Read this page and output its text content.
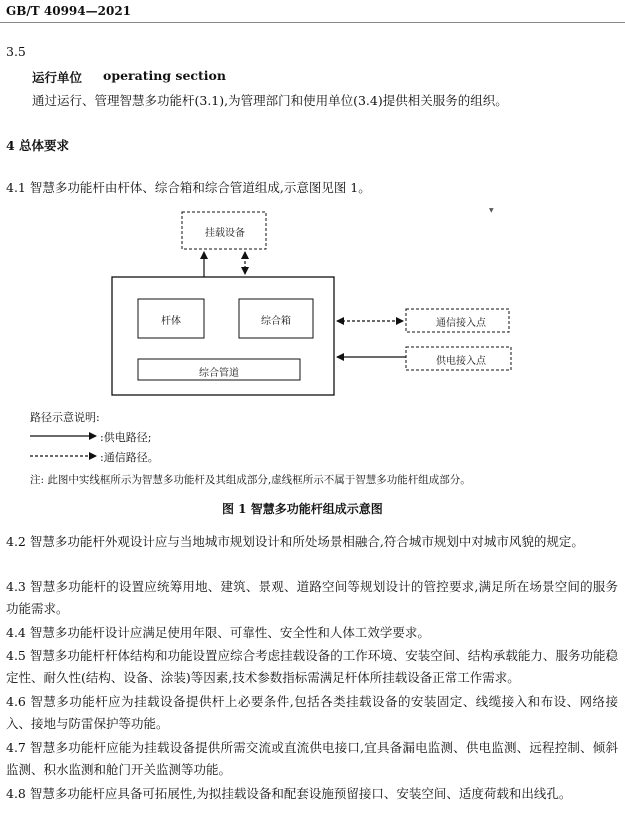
GB/T 40994—2021
3.5
运行单位 operating section
通过运行、管理智慧多功能杆(3.1),为管理部门和使用单位(3.4)提供相关服务的组织。
4 总体要求
4.1 智慧多功能杆由杆体、综合箱和综合管道组成,示意图见图 1。
▼
挂载设备
杆体	综合箱
综合管道
通信接入点
供电接入点
路径示意说明:
:供电路径;
:通信路径。
注: 此图中实线框所示为智慧多功能杆及其组成部分,虚线框所示不属于智慧多功能杆组成部分。
图 1 智慧多功能杆组成示意图
4.2 智慧多功能杆外观设计应与当地城市规划设计和所处场景相融合,符合城市规划中对城市风貌的规定。
4.3 智慧多功能杆的设置应统筹用地、建筑、景观、道路空间等规划设计的管控要求,满足所在场景空间的服务功能需求。
4.4 智慧多功能杆设计应满足使用年限、可靠性、安全性和人体工效学要求。
4.5 智慧多功能杆杆体结构和功能设置应综合考虑挂载设备的工作环境、安装空间、结构承载能力、服务功能稳定性、耐久性(结构、设备、涂装)等因素,技术参数指标需满足杆体所挂载设备正常工作需求。
4.6 智慧多功能杆应为挂载设备提供杆上必要条件,包括各类挂载设备的安装固定、线缆接入和布设、网络接入、接地与防雷保护等功能。
4.7 智慧多功能杆应能为挂载设备提供所需交流或直流供电接口,宜具备漏电监测、供电监测、远程控制、倾斜监测、积水监测和舱门开关监测等功能。
4.8 智慧多功能杆应具备可拓展性,为拟挂载设备和配套设施预留接口、安装空间、适度荷载和出线孔。
